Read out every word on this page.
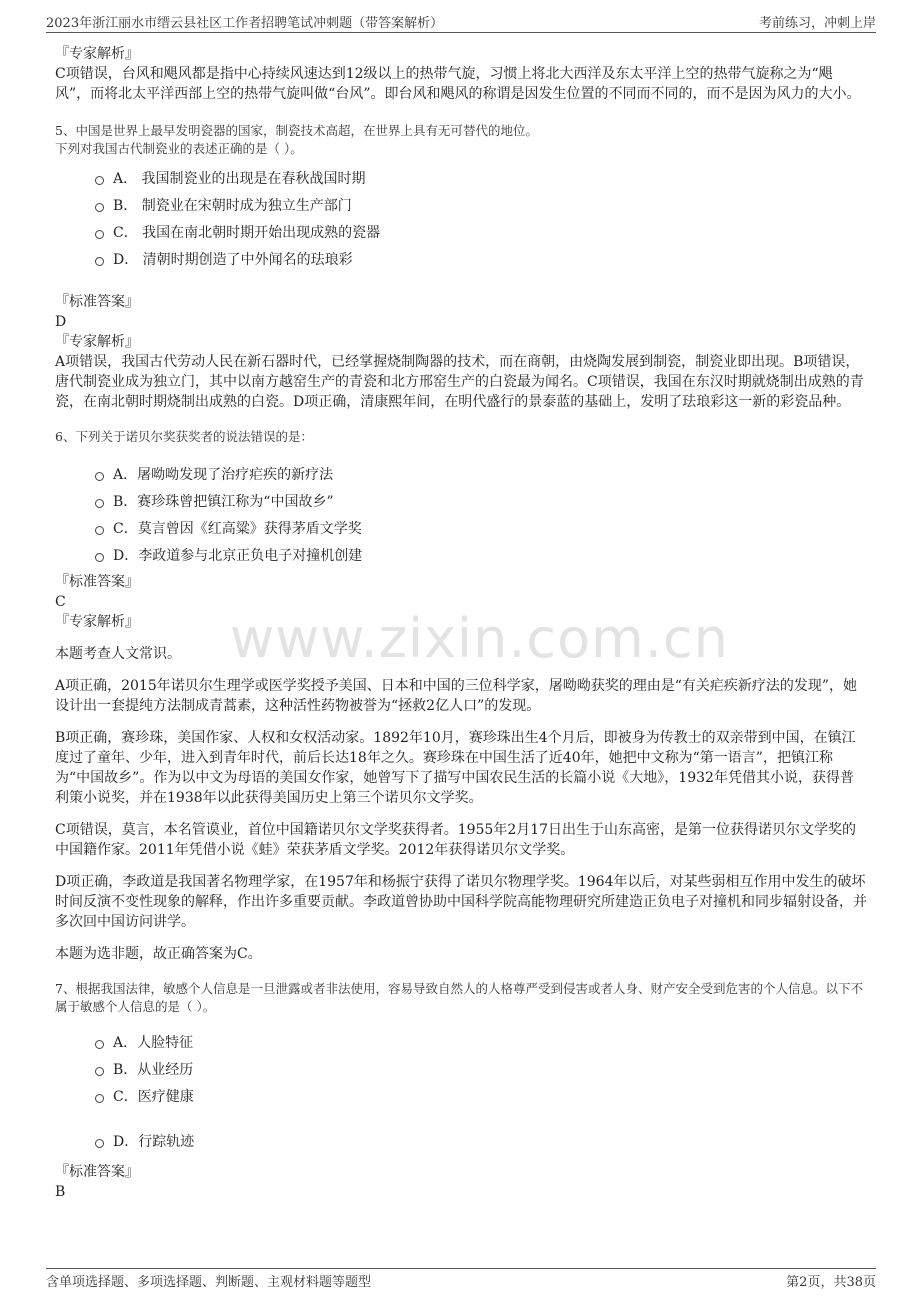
2023年浙江丽水市缙云县社区工作者招聘笔试冲刺题（带答案解析）	考前练习，冲刺上岸
www.zixin.com.cn
『专家解析』

C项错误，台风和飓风都是指中心持续风速达到12级以上的热带气旋，习惯上将北大西洋及东太平洋上空的热带气旋称之为“飓风”，而将北太平洋西部上空的热带气旋叫做“台风”。即台风和飓风的称谓是因发生位置的不同而不同的，而不是因为风力的大小。

5、中国是世界上最早发明瓷器的国家，制瓷技术高超，在世界上具有无可替代的地位。

下列对我国古代制瓷业的表述正确的是（ ）。

A． 我国制瓷业的出现是在春秋战国时期
B． 制瓷业在宋朝时成为独立生产部门
C． 我国在南北朝时期开始出现成熟的瓷器
D． 清朝时期创造了中外闻名的珐琅彩
『标准答案』
D
『专家解析』

A项错误，我国古代劳动人民在新石器时代，已经掌握烧制陶器的技术，而在商朝，由烧陶发展到制瓷，制瓷业即出现。B项错误，唐代制瓷业成为独立门，其中以南方越窑生产的青瓷和北方邢窑生产的白瓷最为闻名。C项错误，我国在东汉时期就烧制出成熟的青瓷，在南北朝时期烧制出成熟的白瓷。D项正确，清康熙年间，在明代盛行的景泰蓝的基础上，发明了珐琅彩这一新的彩瓷品种。

6、下列关于诺贝尔奖获奖者的说法错误的是：

A．屠呦呦发现了治疗疟疾的新疗法
B．赛珍珠曾把镇江称为“中国故乡”
C．莫言曾因《红高粱》获得茅盾文学奖
D．李政道参与北京正负电子对撞机创建
『标准答案』
C
『专家解析』

本题考查人文常识。

A项正确，2015年诺贝尔生理学或医学奖授予美国、日本和中国的三位科学家，屠呦呦获奖的理由是“有关疟疾新疗法的发现”，她设计出一套提纯方法制成青蒿素，这种活性药物被誉为“拯救2亿人口”的发现。

B项正确，赛珍珠，美国作家、人权和女权活动家。1892年10月，赛珍珠出生4个月后，即被身为传教士的双亲带到中国，在镇江度过了童年、少年，进入到青年时代，前后长达18年之久。赛珍珠在中国生活了近40年，她把中文称为“第一语言”，把镇江称为“中国故乡”。作为以中文为母语的美国女作家，她曾写下了描写中国农民生活的长篇小说《大地》，1932年凭借其小说，获得普利策小说奖，并在1938年以此获得美国历史上第三个诺贝尔文学奖。

C项错误，莫言，本名管谟业，首位中国籍诺贝尔文学奖获得者。1955年2月17日出生于山东高密，是第一位获得诺贝尔文学奖的中国籍作家。2011年凭借小说《蛙》荣获茅盾文学奖。2012年获得诺贝尔文学奖。

D项正确，李政道是我国著名物理学家，在1957年和杨振宁获得了诺贝尔物理学奖。1964年以后，对某些弱相互作用中发生的破坏时间反演不变性现象的解释，作出许多重要贡献。李政道曾协助中国科学院高能物理研究所建造正负电子对撞机和同步辐射设备，并多次回中国访问讲学。

本题为选非题，故正确答案为C。

7、根据我国法律，敏感个人信息是一旦泄露或者非法使用，容易导致自然人的人格尊严受到侵害或者人身、财产安全受到危害的个人信息。以下不属于敏感个人信息的是（ ）。

A．人脸特征
B．从业经历
C．医疗健康
D．行踪轨迹
『标准答案』
B
含单项选择题、多项选择题、判断题、主观材料题等题型	第2页，共38页
